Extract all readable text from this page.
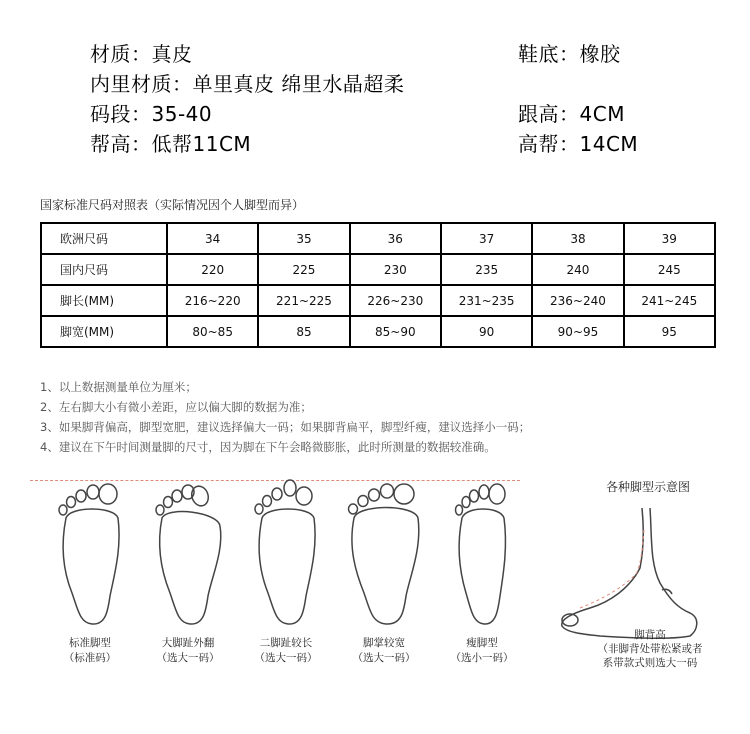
材质：真皮	鞋底：橡胶
内里材质：单里真皮 绵里水晶超柔
码段：35-40	跟高：4CM
帮高：低帮11CM	高帮：14CM
国家标准尺码对照表（实际情况因个人脚型而异）
欧洲尺码	34	35	36	37	38	39
国内尺码	220	225	230	235	240	245
脚长(MM)	216~220	221~225	226~230	231~235	236~240	241~245
脚宽(MM)	80~85	85	85~90	90	90~95	95
1、以上数据测量单位为厘米；
2、左右脚大小有微小差距，应以偏大脚的数据为准；
3、如果脚背偏高，脚型宽肥，建议选择偏大一码；如果脚背扁平，脚型纤瘦，建议选择小一码；
4、建议在下午时间测量脚的尺寸，因为脚在下午会略微膨胀，此时所测量的数据较准确。
标准脚型
（标准码）
大脚趾外翻
（选大一码）
二脚趾较长
（选大一码）
脚掌较宽
（选大一码）
瘦脚型
（选小一码）
各种脚型示意图
脚背高
（非脚背处带松紧或者
系带款式则选大一码
